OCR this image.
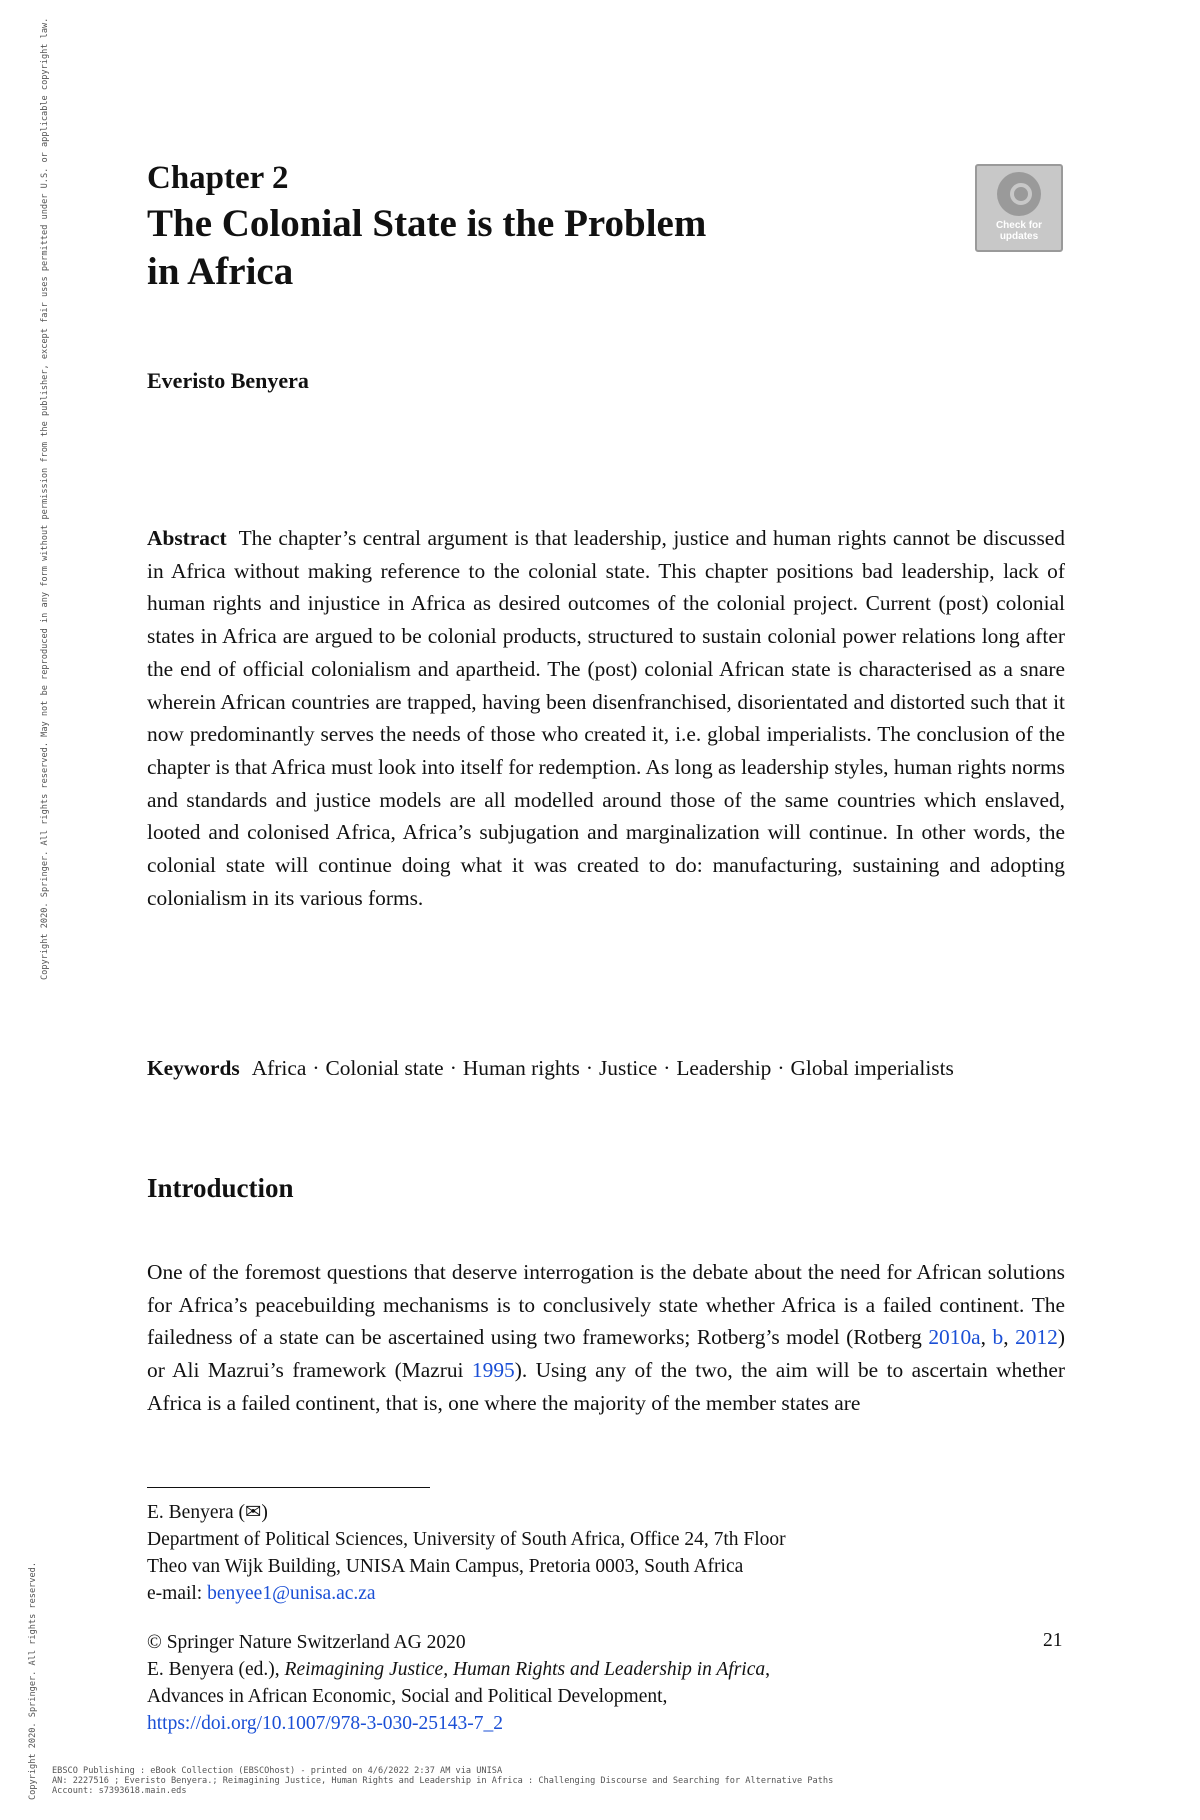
Chapter 2
The Colonial State is the Problem
in Africa
Check for
updates
Everisto Benyera
Abstract The chapter’s central argument is that leadership, justice and human rights cannot be discussed in Africa without making reference to the colonial state. This chapter positions bad leadership, lack of human rights and injustice in Africa as desired outcomes of the colonial project. Current (post) colonial states in Africa are argued to be colonial products, structured to sustain colonial power relations long after the end of official colonialism and apartheid. The (post) colonial African state is characterised as a snare wherein African countries are trapped, having been disenfranchised, disorientated and distorted such that it now predominantly serves the needs of those who created it, i.e. global imperialists. The conclusion of the chapter is that Africa must look into itself for redemption. As long as leadership styles, human rights norms and standards and justice models are all modelled around those of the same countries which enslaved, looted and colonised Africa, Africa’s subjugation and marginalization will continue. In other words, the colonial state will continue doing what it was created to do: manufacturing, sustaining and adopting colonialism in its various forms.
Keywords Africa · Colonial state · Human rights · Justice · Leadership · Global imperialists
Introduction
One of the foremost questions that deserve interrogation is the debate about the need for African solutions for Africa’s peacebuilding mechanisms is to conclusively state whether Africa is a failed continent. The failedness of a state can be ascertained using two frameworks; Rotberg’s model (Rotberg 2010a, b, 2012) or Ali Mazrui’s framework (Mazrui 1995). Using any of the two, the aim will be to ascertain whether Africa is a failed continent, that is, one where the majority of the member states are
E. Benyera (✉)
Department of Political Sciences, University of South Africa, Office 24, 7th Floor
Theo van Wijk Building, UNISA Main Campus, Pretoria 0003, South Africa
e-mail: benyee1@unisa.ac.za
© Springer Nature Switzerland AG 2020	21
E. Benyera (ed.), Reimagining Justice, Human Rights and Leadership in Africa,
Advances in African Economic, Social and Political Development,
https://doi.org/10.1007/978-3-030-25143-7_2
Copyright 2020. Springer. All rights reserved. May not be reproduced in any form without permission from the publisher, except fair uses permitted under U.S. or applicable copyright law.
Copyright 2020. Springer. All rights reserved. EBSCO Publishing : eBook Collection (EBSCOhost) - printed on 4/6/2022 2:37 AM via UNISA
AN: 2227516 ; Everisto Benyera.; Reimagining Justice, Human Rights and Leadership in Africa : Challenging Discourse and Searching for Alternative Paths
Account: s7393618.main.eds
